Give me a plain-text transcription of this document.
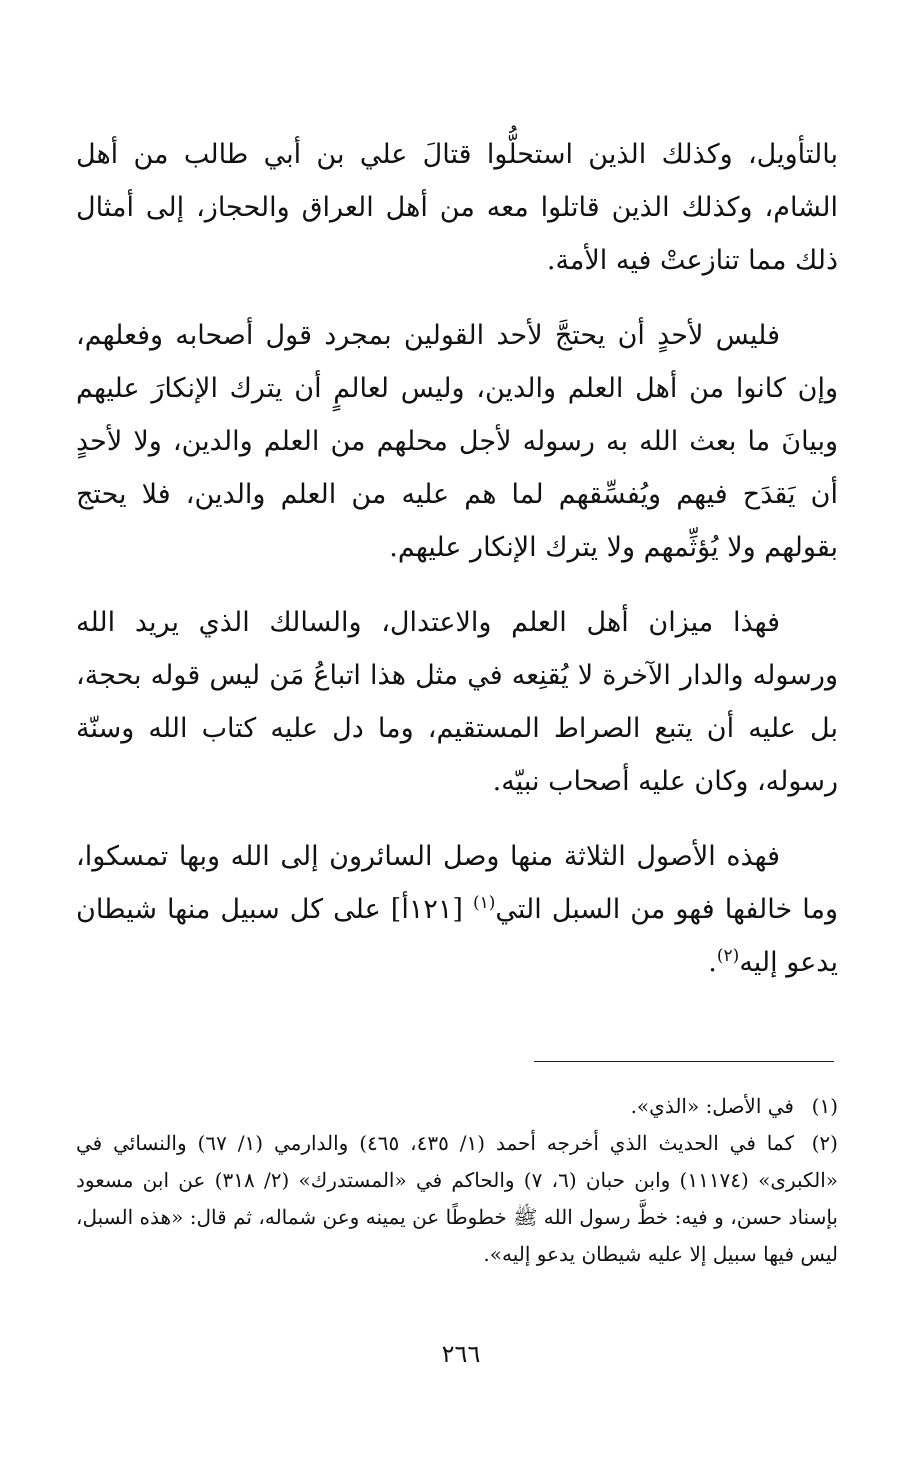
بالتأويل، وكذلك الذين استحلُّوا قتالَ علي بن أبي طالب من أهل الشام، وكذلك الذين قاتلوا معه من أهل العراق والحجاز، إلى أمثال ذلك مما تنازعتْ فيه الأمة.

فليس لأحدٍ أن يحتجَّ لأحد القولين بمجرد قول أصحابه وفعلهم، وإن كانوا من أهل العلم والدين، وليس لعالمٍ أن يترك الإنكارَ عليهم وبيانَ ما بعث الله به رسوله لأجل محلهم من العلم والدين، ولا لأحدٍ أن يَقدَح فيهم ويُفسِّقهم لما هم عليه من العلم والدين، فلا يحتج بقولهم ولا يُؤثِّمهم ولا يترك الإنكار عليهم.

فهذا ميزان أهل العلم والاعتدال، والسالك الذي يريد الله ورسوله والدار الآخرة لا يُقنِعه في مثل هذا اتباعُ مَن ليس قوله بحجة، بل عليه أن يتبع الصراط المستقيم، وما دل عليه كتاب الله وسنّة رسوله، وكان عليه أصحاب نبيّه.

فهذه الأصول الثلاثة منها وصل السائرون إلى الله وبها تمسكوا، وما خالفها فهو من السبل التي$^{(١)}$ [١٢١أ] على كل سبيل منها شيطان يدعو إليه$^{(٢)}$.

(١)في الأصل: «الذي».

(٢)كما في الحديث الذي أخرجه أحمد (١/ ٤٣٥، ٤٦٥) والدارمي (١/ ٦٧) والنسائي في «الكبرى» (١١١٧٤) وابن حبان (٦، ٧) والحاكم في «المستدرك» (٢/ ٣١٨) عن ابن مسعود بإسناد حسن، و فيه: خطَّ رسول الله ﷺ خطوطًا عن يمينه وعن شماله، ثم قال: «هذه السبل، ليس فيها سبيل إلا عليه شيطان يدعو إليه».

٢٦٦
